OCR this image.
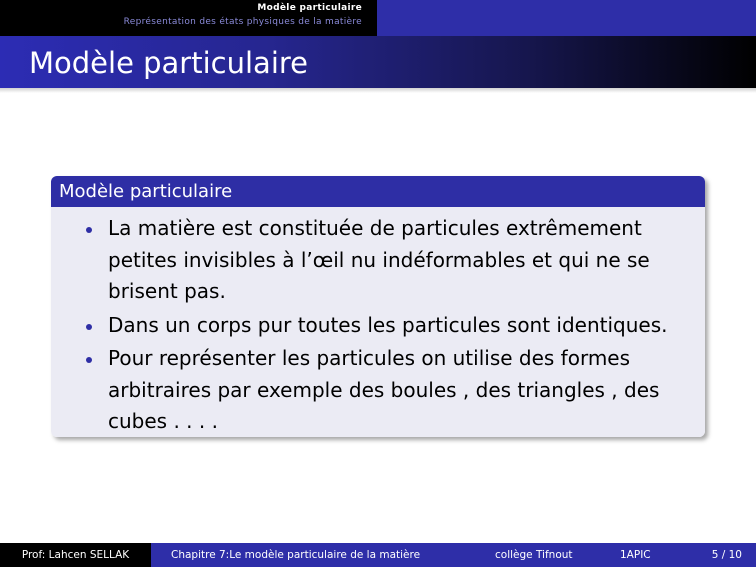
Modèle particulaire
Représentation des états physiques de la matière
Modèle particulaire
Modèle particulaire
La matière est constituée de particules extrêmement petites invisibles à l’œil nu indéformables et qui ne se brisent pas.
Dans un corps pur toutes les particules sont identiques.
Pour représenter les particules on utilise des formes arbitraires par exemple des boules , des triangles , des cubes . . . .
Prof: Lahcen SELLAK	Chapitre 7:Le modèle particulaire de la matière	collège Tifnout	1APIC	5 / 10
